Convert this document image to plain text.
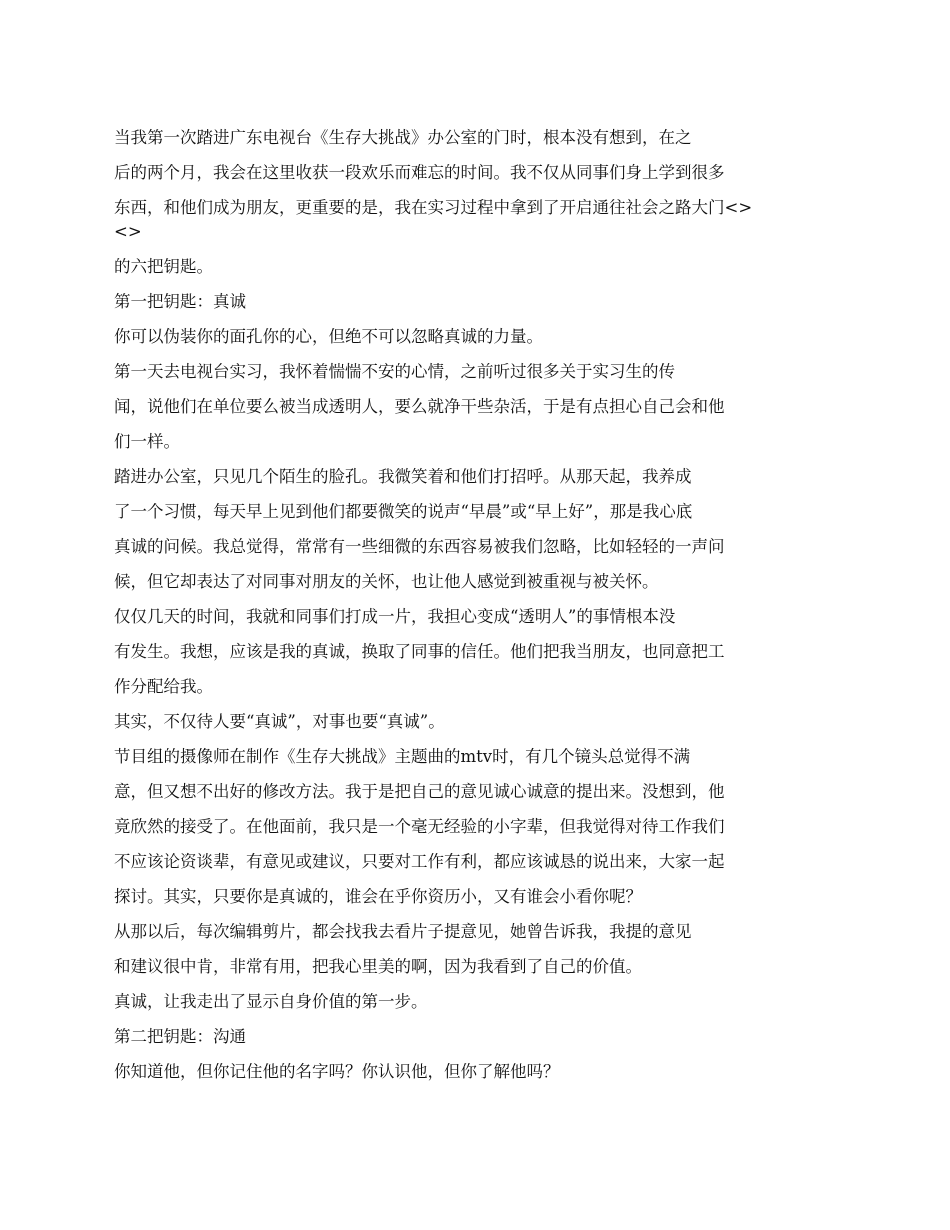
当我第一次踏进广东电视台《生存大挑战》办公室的门时，根本没有想到，在之
后的两个月，我会在这里收获一段欢乐而难忘的时间。我不仅从同事们身上学到很多
东西，和他们成为朋友，更重要的是，我在实习过程中拿到了开启通往社会之路大门<>
<>
的六把钥匙。
第一把钥匙：真诚
你可以伪装你的面孔你的心，但绝不可以忽略真诚的力量。
第一天去电视台实习，我怀着惴惴不安的心情，之前听过很多关于实习生的传
闻，说他们在单位要么被当成透明人，要么就净干些杂活，于是有点担心自己会和他
们一样。
踏进办公室，只见几个陌生的脸孔。我微笑着和他们打招呼。从那天起，我养成
了一个习惯，每天早上见到他们都要微笑的说声“早晨”或“早上好”，那是我心底
真诚的问候。我总觉得，常常有一些细微的东西容易被我们忽略，比如轻轻的一声问
候，但它却表达了对同事对朋友的关怀，也让他人感觉到被重视与被关怀。
仅仅几天的时间，我就和同事们打成一片，我担心变成“透明人”的事情根本没
有发生。我想，应该是我的真诚，换取了同事的信任。他们把我当朋友，也同意把工
作分配给我。
其实，不仅待人要“真诚”，对事也要“真诚”。
节目组的摄像师在制作《生存大挑战》主题曲的mtv时，有几个镜头总觉得不满
意，但又想不出好的修改方法。我于是把自己的意见诚心诚意的提出来。没想到，他
竟欣然的接受了。在他面前，我只是一个毫无经验的小字辈，但我觉得对待工作我们
不应该论资谈辈，有意见或建议，只要对工作有利，都应该诚恳的说出来，大家一起
探讨。其实，只要你是真诚的，谁会在乎你资历小，又有谁会小看你呢？
从那以后，每次编辑剪片，都会找我去看片子提意见，她曾告诉我，我提的意见
和建议很中肯，非常有用，把我心里美的啊，因为我看到了自己的价值。
真诚，让我走出了显示自身价值的第一步。
第二把钥匙：沟通
你知道他，但你记住他的名字吗？你认识他，但你了解他吗？
